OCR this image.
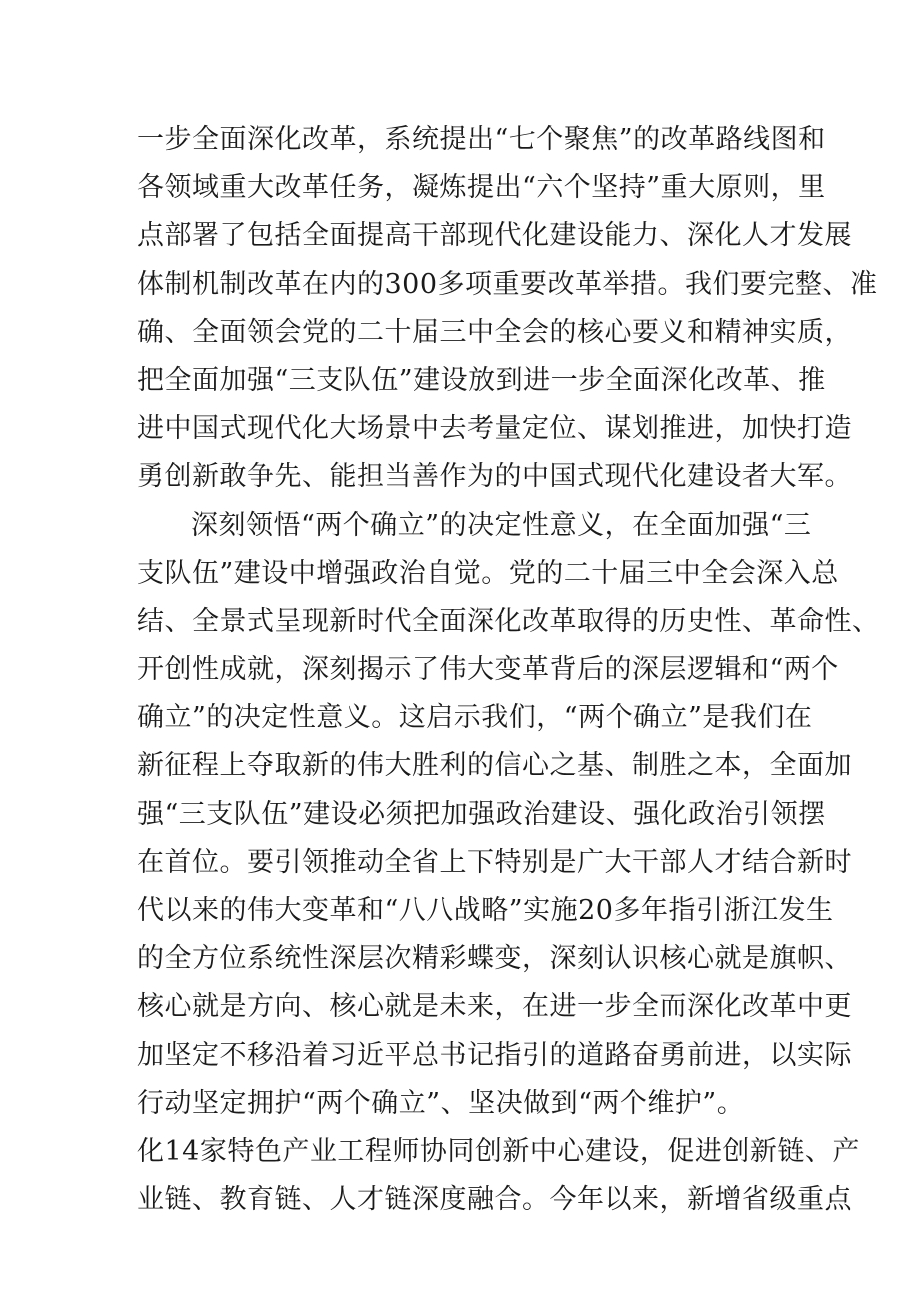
一步全面深化改革，系统提出“七个聚焦”的改革路线图和
各领域重大改革任务，凝炼提出“六个坚持”重大原则，里
点部署了包括全面提高干部现代化建设能力、深化人才发展
体制机制改革在内的300多项重要改革举措。我们要完整、准
确、全面领会党的二十届三中全会的核心要义和精神实质，
把全面加强“三支队伍”建设放到进一步全面深化改革、推
进中国式现代化大场景中去考量定位、谋划推进，加快打造
勇创新敢争先、能担当善作为的中国式现代化建设者大军。
深刻领悟“两个确立”的决定性意义，在全面加强“三
支队伍”建设中增强政治自觉。党的二十届三中全会深入总
结、全景式呈现新时代全面深化改革取得的历史性、革命性、
开创性成就，深刻揭示了伟大变革背后的深层逻辑和“两个
确立”的决定性意义。这启示我们，“两个确立”是我们在
新征程上夺取新的伟大胜利的信心之基、制胜之本，全面加
强“三支队伍”建设必须把加强政治建设、强化政治引领摆
在首位。要引领推动全省上下特别是广大干部人才结合新时
代以来的伟大变革和“八八战略”实施20多年指引浙江发生
的全方位系统性深层次精彩蝶变，深刻认识核心就是旗帜、
核心就是方向、核心就是未来，在进一步全而深化改革中更
加坚定不移沿着习近平总书记指引的道路奋勇前进，以实际
行动坚定拥护“两个确立”、坚决做到“两个维护”。
化14家特色产业工程师协同创新中心建设，促进创新链、产
业链、教育链、人才链深度融合。今年以来，新增省级重点
